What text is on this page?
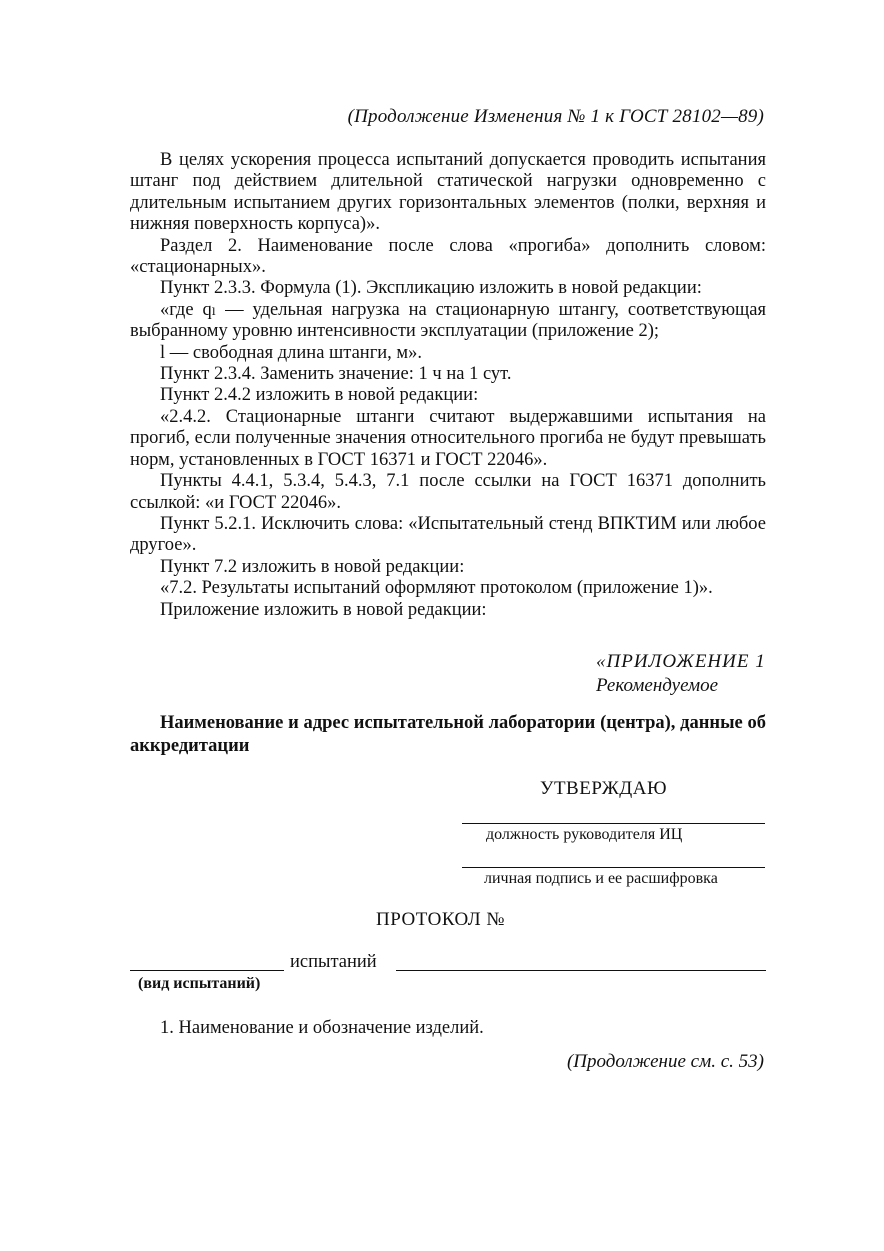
(Продолжение Изменения № 1 к ГОСТ 28102—89)

В целях ускорения процесса испытаний допускается проводить испытания штанг под действием длительной статической нагрузки одновременно с длительным испытанием других горизонтальных элементов (полки, верхняя и нижняя поверхность корпуса)».

Раздел 2. Наименование после слова «прогиба» дополнить словом: «стационарных».

Пункт 2.3.3. Формула (1). Экспликацию изложить в новой редакции:

«где qₗ — удельная нагрузка на стационарную штангу, соответствующая выбранному уровню интенсивности эксплуатации (приложение 2);

l — свободная длина штанги, м».

Пункт 2.3.4. Заменить значение: 1 ч на 1 сут.

Пункт 2.4.2 изложить в новой редакции:

«2.4.2. Стационарные штанги считают выдержавшими испытания на прогиб, если полученные значения относительного прогиба не будут превышать норм, установленных в ГОСТ 16371 и ГОСТ 22046».

Пункты 4.4.1, 5.3.4, 5.4.3, 7.1 после ссылки на ГОСТ 16371 дополнить ссылкой: «и ГОСТ 22046».

Пункт 5.2.1. Исключить слова: «Испытательный стенд ВПКТИМ или любое другое».

Пункт 7.2 изложить в новой редакции:

«7.2. Результаты испытаний оформляют протоколом (приложение 1)».

Приложение изложить в новой редакции:

«ПРИЛОЖЕНИЕ 1
Рекомендуемое
Наименование и адрес испытательной лаборатории (центра), данные об аккредитации
УТВЕРЖДАЮ
должность руководителя ИЦ
личная подпись и ее расшифровка
ПРОТОКОЛ №
испытаний
(вид испытаний)
1. Наименование и обозначение изделий.
(Продолжение см. с. 53)
